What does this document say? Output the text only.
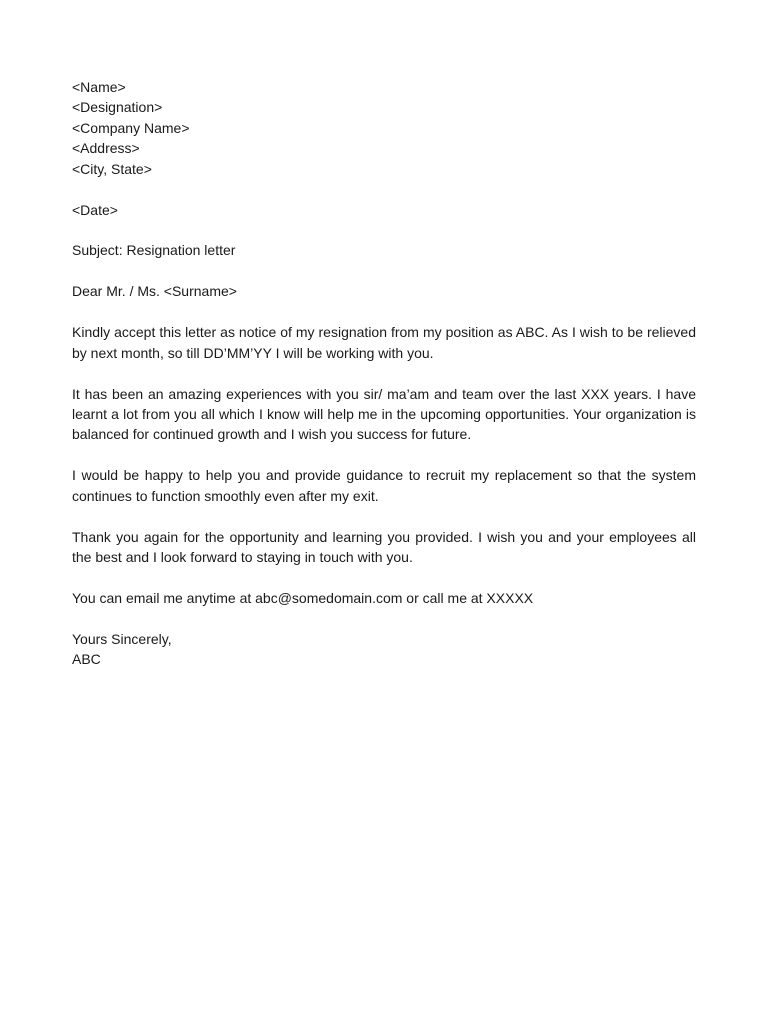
<Name>
<Designation>
<Company Name>
<Address>
<City, State>
<Date>
Subject: Resignation letter
Dear Mr. / Ms. <Surname>

Kindly accept this letter as notice of my resignation from my position as ABC. As I wish to be relieved by next month, so till DD’MM’YY I will be working with you.

It has been an amazing experiences with you sir/ ma’am and team over the last XXX years. I have learnt a lot from you all which I know will help me in the upcoming opportunities. Your organization is balanced for continued growth and I wish you success for future.

I would be happy to help you and provide guidance to recruit my replacement so that the system continues to function smoothly even after my exit.

Thank you again for the opportunity and learning you provided. I wish you and your employees all the best and I look forward to staying in touch with you.

You can email me anytime at abc@somedomain.com or call me at XXXXX

Yours Sincerely,
ABC
